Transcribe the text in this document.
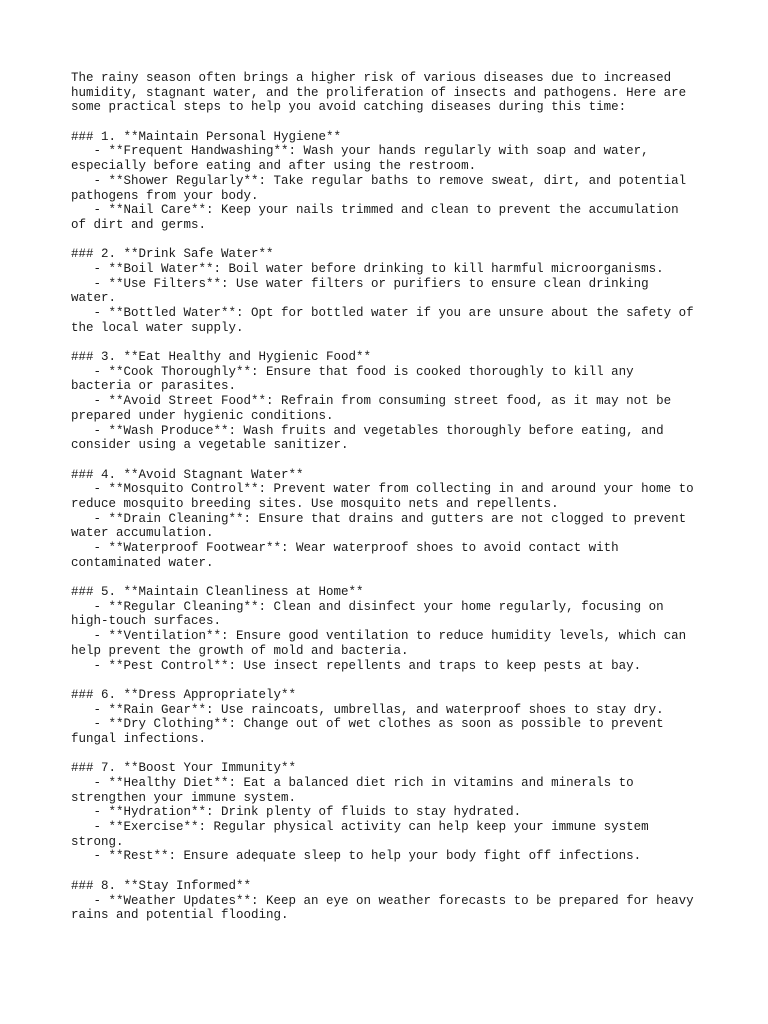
The rainy season often brings a higher risk of various diseases due to increased
humidity, stagnant water, and the proliferation of insects and pathogens. Here are
some practical steps to help you avoid catching diseases during this time:
### 1. **Maintain Personal Hygiene**
- **Frequent Handwashing**: Wash your hands regularly with soap and water,
especially before eating and after using the restroom.
- **Shower Regularly**: Take regular baths to remove sweat, dirt, and potential
pathogens from your body.
- **Nail Care**: Keep your nails trimmed and clean to prevent the accumulation
of dirt and germs.
### 2. **Drink Safe Water**
- **Boil Water**: Boil water before drinking to kill harmful microorganisms.
- **Use Filters**: Use water filters or purifiers to ensure clean drinking
water.
- **Bottled Water**: Opt for bottled water if you are unsure about the safety of
the local water supply.
### 3. **Eat Healthy and Hygienic Food**
- **Cook Thoroughly**: Ensure that food is cooked thoroughly to kill any
bacteria or parasites.
- **Avoid Street Food**: Refrain from consuming street food, as it may not be
prepared under hygienic conditions.
- **Wash Produce**: Wash fruits and vegetables thoroughly before eating, and
consider using a vegetable sanitizer.
### 4. **Avoid Stagnant Water**
- **Mosquito Control**: Prevent water from collecting in and around your home to
reduce mosquito breeding sites. Use mosquito nets and repellents.
- **Drain Cleaning**: Ensure that drains and gutters are not clogged to prevent
water accumulation.
- **Waterproof Footwear**: Wear waterproof shoes to avoid contact with
contaminated water.
### 5. **Maintain Cleanliness at Home**
- **Regular Cleaning**: Clean and disinfect your home regularly, focusing on
high-touch surfaces.
- **Ventilation**: Ensure good ventilation to reduce humidity levels, which can
help prevent the growth of mold and bacteria.
- **Pest Control**: Use insect repellents and traps to keep pests at bay.
### 6. **Dress Appropriately**
- **Rain Gear**: Use raincoats, umbrellas, and waterproof shoes to stay dry.
- **Dry Clothing**: Change out of wet clothes as soon as possible to prevent
fungal infections.
### 7. **Boost Your Immunity**
- **Healthy Diet**: Eat a balanced diet rich in vitamins and minerals to
strengthen your immune system.
- **Hydration**: Drink plenty of fluids to stay hydrated.
- **Exercise**: Regular physical activity can help keep your immune system
strong.
- **Rest**: Ensure adequate sleep to help your body fight off infections.
### 8. **Stay Informed**
- **Weather Updates**: Keep an eye on weather forecasts to be prepared for heavy
rains and potential flooding.
